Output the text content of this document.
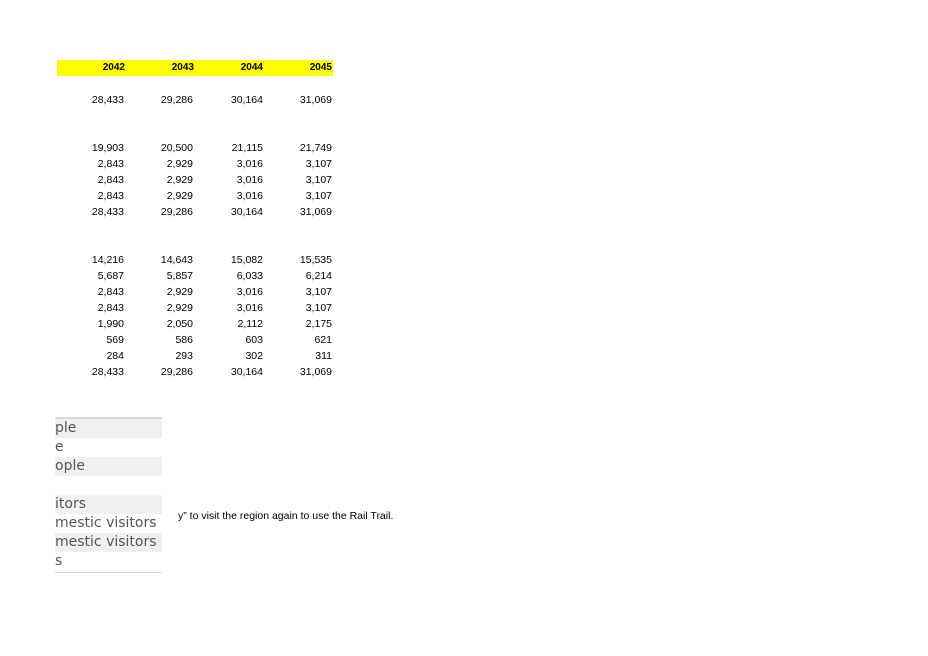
2042	2043	2044	2045
28,433	29,286	30,164	31,069
19,903	20,500	21,115	21,749
2,843	2,929	3,016	3,107
2,843	2,929	3,016	3,107
2,843	2,929	3,016	3,107
28,433	29,286	30,164	31,069
14,216	14,643	15,082	15,535
5,687	5,857	6,033	6,214
2,843	2,929	3,016	3,107
2,843	2,929	3,016	3,107
1,990	2,050	2,112	2,175
569	586	603	621
284	293	302	311
28,433	29,286	30,164	31,069
ple
e
ople
itors
mestic visitors
mestic visitors
s
y” to visit the region again to use the Rail Trail.
